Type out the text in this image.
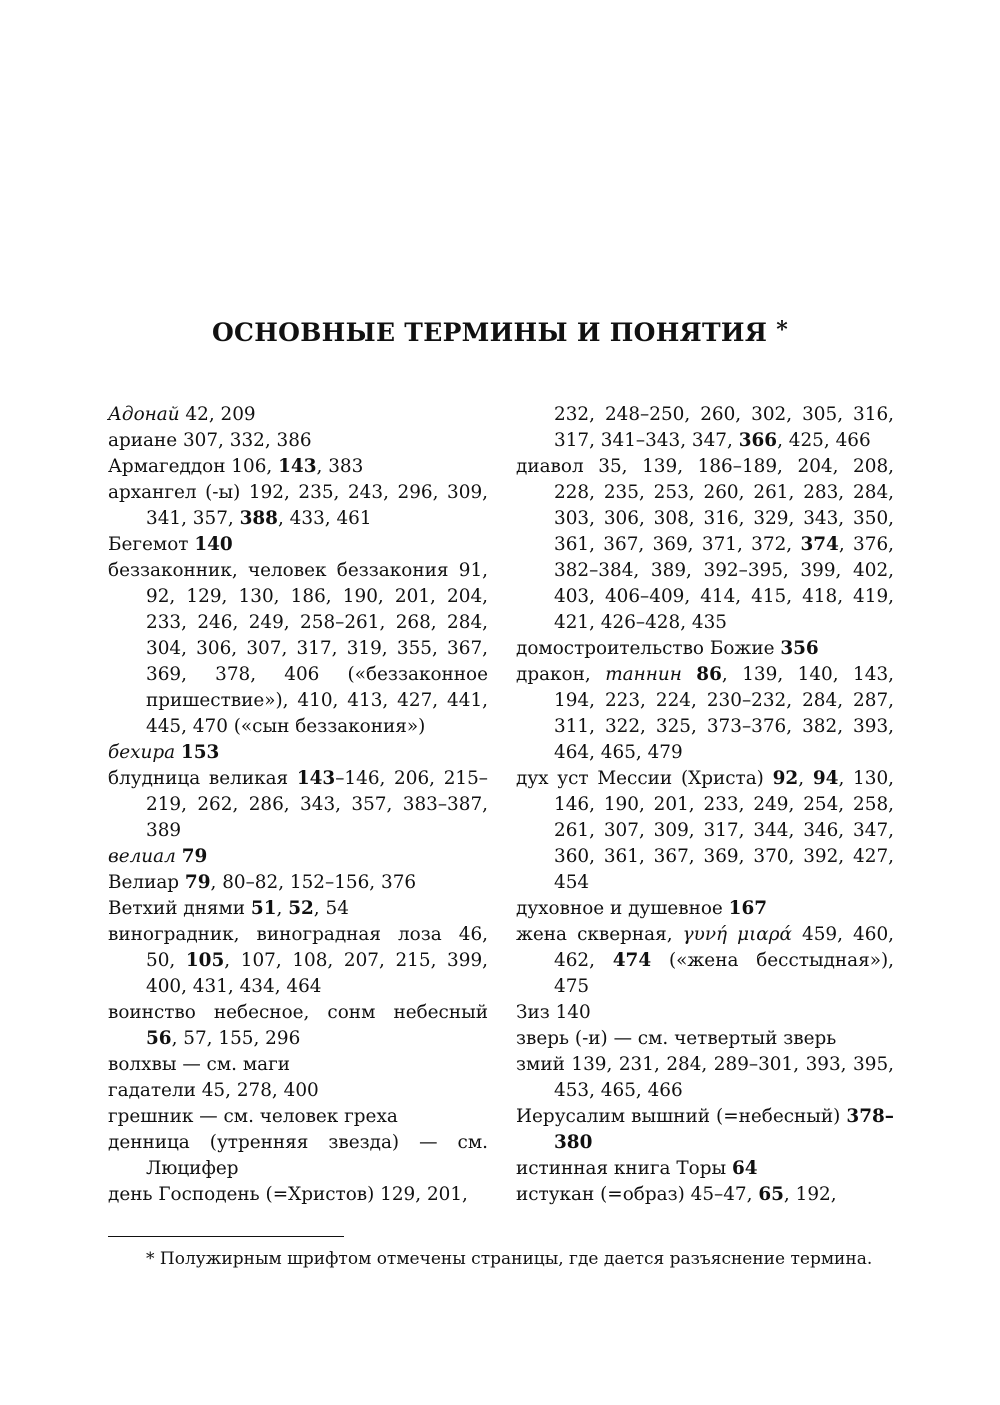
ОСНОВНЫЕ ТЕРМИНЫ И ПОНЯТИЯ *
Адонай 42, 209
ариане 307, 332, 386
Армагеддон 106, 143, 383
архангел (-ы) 192, 235, 243, 296, 309, 341, 357, 388, 433, 461
Бегемот 140
беззаконник, человек беззакония 91, 92, 129, 130, 186, 190, 201, 204, 233, 246, 249, 258–261, 268, 284, 304, 306, 307, 317, 319, 355, 367, 369, 378, 406 («беззаконное пришествие»), 410, 413, 427, 441, 445, 470 («сын беззакония»)
бехира 153
блудница великая 143–146, 206, 215–219, 262, 286, 343, 357, 383–387, 389
велиал 79
Велиар 79, 80–82, 152–156, 376
Ветхий днями 51, 52, 54
виноградник, виноградная лоза 46, 50, 105, 107, 108, 207, 215, 399, 400, 431, 434, 464
воинство небесное, сонм небесный 56, 57, 155, 296
волхвы — см. маги
гадатели 45, 278, 400
грешник — см. человек греха
денница (утренняя звезда) — см. Люцифер
день Господень (=Христов) 129, 201,
232, 248–250, 260, 302, 305, 316, 317, 341–343, 347, 366, 425, 466
диавол 35, 139, 186–189, 204, 208, 228, 235, 253, 260, 261, 283, 284, 303, 306, 308, 316, 329, 343, 350, 361, 367, 369, 371, 372, 374, 376, 382–384, 389, 392–395, 399, 402, 403, 406–409, 414, 415, 418, 419, 421, 426–428, 435
домостроительство Божие 356
дракон, таннин 86, 139, 140, 143, 194, 223, 224, 230–232, 284, 287, 311, 322, 325, 373–376, 382, 393, 464, 465, 479
дух уст Мессии (Христа) 92, 94, 130, 146, 190, 201, 233, 249, 254, 258, 261, 307, 309, 317, 344, 346, 347, 360, 361, 367, 369, 370, 392, 427, 454
духовное и душевное 167
жена скверная, γυνή μιαρά 459, 460, 462, 474 («жена бесстыдная»), 475
Зиз 140
зверь (-и) — см. четвертый зверь
змий 139, 231, 284, 289–301, 393, 395, 453, 465, 466
Иерусалим вышний (=небесный) 378–380
истинная книга Торы 64
истукан (=образ) 45–47, 65, 192,
* Полужирным шрифтом отмечены страницы, где дается разъяснение термина.
